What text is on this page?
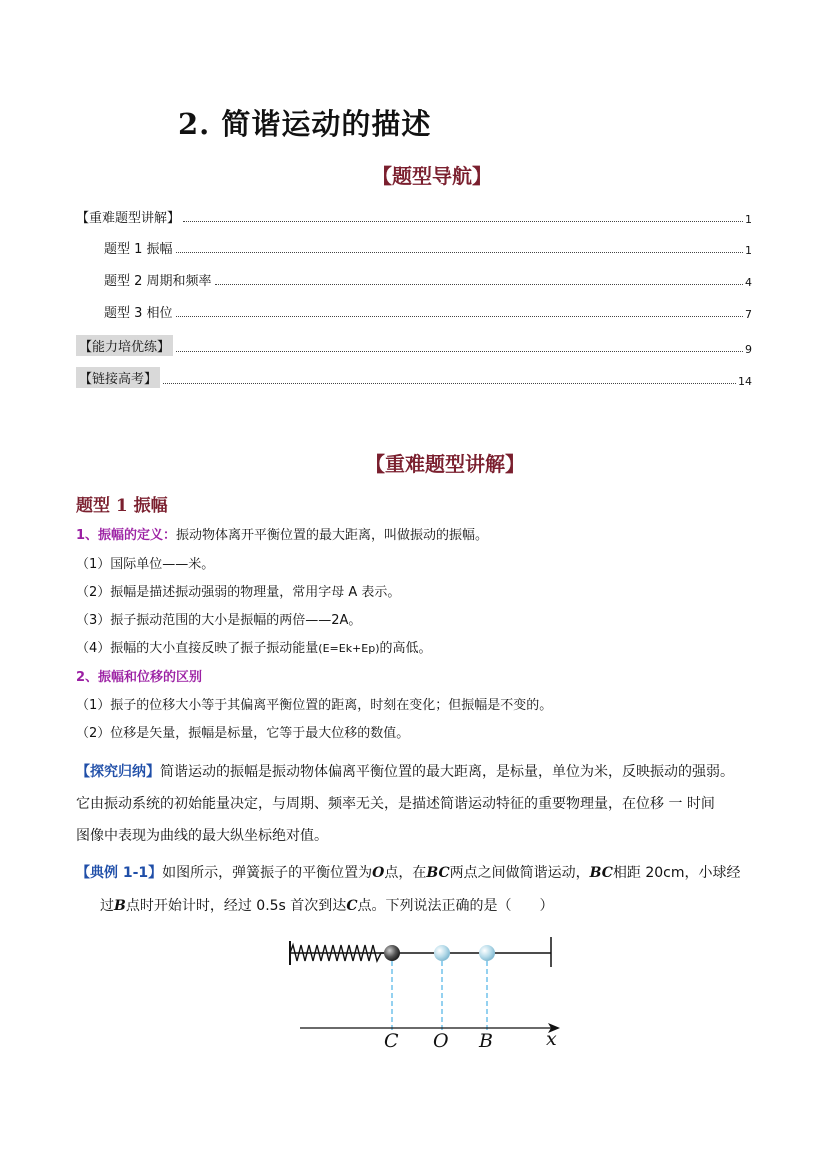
2. 简谐运动的描述
【题型导航】
【重难题型讲解】	1
题型 1 振幅	1
题型 2 周期和频率	4
题型 3 相位	7
【能力培优练】	9
【链接高考】	14
【重难题型讲解】
题型 1 振幅
1、振幅的定义：振动物体离开平衡位置的最大距离，叫做振动的振幅。
（1）国际单位——米。
（2）振幅是描述振动强弱的物理量，常用字母 A 表示。
（3）振子振动范围的大小是振幅的两倍——2A。
（4）振幅的大小直接反映了振子振动能量(E=Ek+Ep)的高低。
2、振幅和位移的区别
（1）振子的位移大小等于其偏离平衡位置的距离，时刻在变化；但振幅是不变的。
（2）位移是矢量，振幅是标量，它等于最大位移的数值。
【探究归纳】简谐运动的振幅是振动物体偏离平衡位置的最大距离，是标量，单位为米，反映振动的强弱。
它由振动系统的初始能量决定，与周期、频率无关，是描述简谐运动特征的重要物理量，在位移 一 时间
图像中表现为曲线的最大纵坐标绝对值。
【典例 1-1】如图所示，弹簧振子的平衡位置为O点，在BC两点之间做简谐运动，BC相距 20cm，小球经
过B点时开始计时，经过 0.5s 首次到达C点。下列说法正确的是（　　）
C O B	x
